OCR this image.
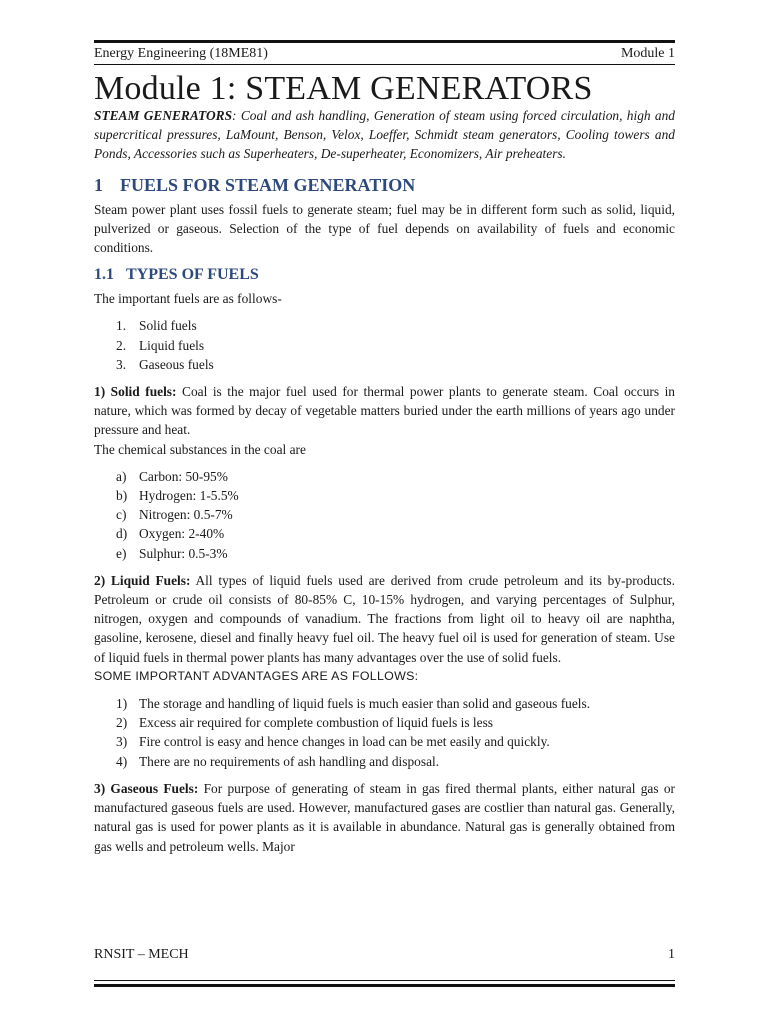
Energy Engineering (18ME81)	Module 1
Module 1: STEAM GENERATORS

STEAM GENERATORS: Coal and ash handling, Generation of steam using forced circulation, high and supercritical pressures, LaMount, Benson, Velox, Loeffer, Schmidt steam generators, Cooling towers and Ponds, Accessories such as Superheaters, De-superheater, Economizers, Air preheaters.

1 FUELS FOR STEAM GENERATION

Steam power plant uses fossil fuels to generate steam; fuel may be in different form such as solid, liquid, pulverized or gaseous. Selection of the type of fuel depends on availability of fuels and economic conditions.

1.1 TYPES OF FUELS

The important fuels are as follows-

1. Solid fuels
2. Liquid fuels
3. Gaseous fuels

1) Solid fuels: Coal is the major fuel used for thermal power plants to generate steam. Coal occurs in nature, which was formed by decay of vegetable matters buried under the earth millions of years ago under pressure and heat.

The chemical substances in the coal are

a) Carbon: 50-95%
b) Hydrogen: 1-5.5%
c) Nitrogen: 0.5-7%
d) Oxygen: 2-40%
e) Sulphur: 0.5-3%

2) Liquid Fuels: All types of liquid fuels used are derived from crude petroleum and its by-products. Petroleum or crude oil consists of 80-85% C, 10-15% hydrogen, and varying percentages of Sulphur, nitrogen, oxygen and compounds of vanadium. The fractions from light oil to heavy oil are naphtha, gasoline, kerosene, diesel and finally heavy fuel oil. The heavy fuel oil is used for generation of steam. Use of liquid fuels in thermal power plants has many advantages over the use of solid fuels.

SOME IMPORTANT ADVANTAGES ARE AS FOLLOWS:

1) The storage and handling of liquid fuels is much easier than solid and gaseous fuels.
2) Excess air required for complete combustion of liquid fuels is less
3) Fire control is easy and hence changes in load can be met easily and quickly.
4) There are no requirements of ash handling and disposal.

3) Gaseous Fuels: For purpose of generating of steam in gas fired thermal plants, either natural gas or manufactured gaseous fuels are used. However, manufactured gases are costlier than natural gas. Generally, natural gas is used for power plants as it is available in abundance. Natural gas is generally obtained from gas wells and petroleum wells. Major

RNSIT – MECH	1
